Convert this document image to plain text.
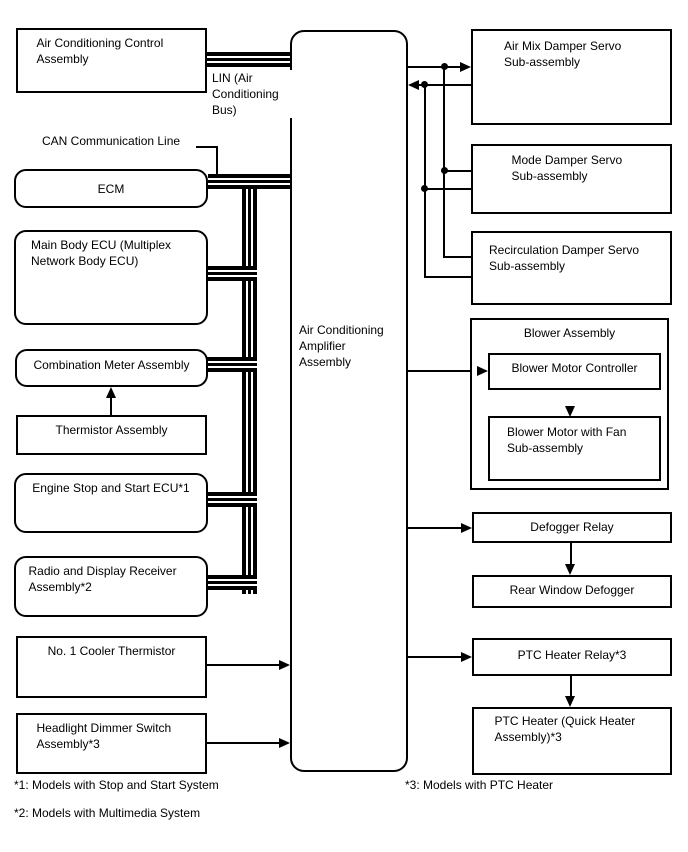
Air Conditioning Control Assembly
ECM
Main Body ECU (Multiplex Network Body ECU)
Combination Meter Assembly
Thermistor Assembly
Engine Stop and Start ECU*1
Radio and Display Receiver Assembly*2
No. 1 Cooler Thermistor
Headlight Dimmer Switch Assembly*3
Air Conditioning Amplifier Assembly
Air Mix Damper Servo Sub-assembly
Mode Damper Servo Sub-assembly
Recirculation Damper Servo Sub-assembly
Blower Assembly
Blower Motor Controller
Blower Motor with Fan Sub-assembly
Defogger Relay
Rear Window Defogger
PTC Heater Relay*3
PTC Heater (Quick Heater Assembly)*3
LIN (Air Conditioning Bus)
CAN Communication Line
*1: Models with Stop and Start System
*2: Models with Multimedia System
*3: Models with PTC Heater
